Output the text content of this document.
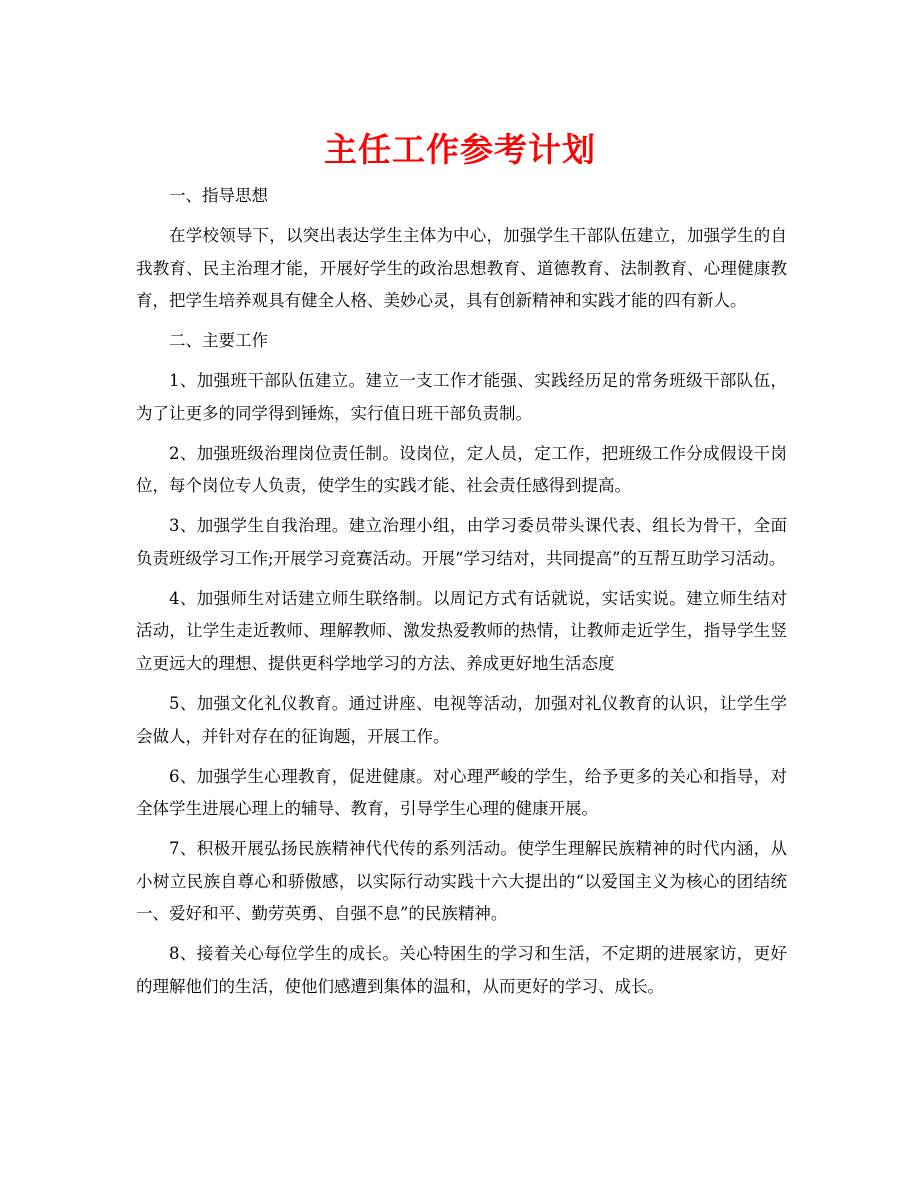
主任工作参考计划

一、指导思想

在学校领导下，以突出表达学生主体为中心，加强学生干部队伍建立，加强学生的自我教育、民主治理才能，开展好学生的政治思想教育、道德教育、法制教育、心理健康教育，把学生培养观具有健全人格、美妙心灵，具有创新精神和实践才能的四有新人。

二、主要工作

1、加强班干部队伍建立。建立一支工作才能强、实践经历足的常务班级干部队伍，为了让更多的同学得到锤炼，实行值日班干部负责制。

2、加强班级治理岗位责任制。设岗位，定人员，定工作，把班级工作分成假设干岗位，每个岗位专人负责，使学生的实践才能、社会责任感得到提高。

3、加强学生自我治理。建立治理小组，由学习委员带头课代表、组长为骨干，全面负责班级学习工作;开展学习竞赛活动。开展“学习结对，共同提高”的互帮互助学习活动。

4、加强师生对话建立师生联络制。以周记方式有话就说，实话实说。建立师生结对活动，让学生走近教师、理解教师、激发热爱教师的热情，让教师走近学生，指导学生竖立更远大的理想、提供更科学地学习的方法、养成更好地生活态度

5、加强文化礼仪教育。通过讲座、电视等活动，加强对礼仪教育的认识，让学生学会做人，并针对存在的征询题，开展工作。

6、加强学生心理教育，促进健康。对心理严峻的学生，给予更多的关心和指导，对全体学生进展心理上的辅导、教育，引导学生心理的健康开展。

7、积极开展弘扬民族精神代代传的系列活动。使学生理解民族精神的时代内涵，从小树立民族自尊心和骄傲感，以实际行动实践十六大提出的“以爱国主义为核心的团结统一、爱好和平、勤劳英勇、自强不息”的民族精神。

8、接着关心每位学生的成长。关心特困生的学习和生活，不定期的进展家访，更好的理解他们的生活，使他们感遭到集体的温和，从而更好的学习、成长。
